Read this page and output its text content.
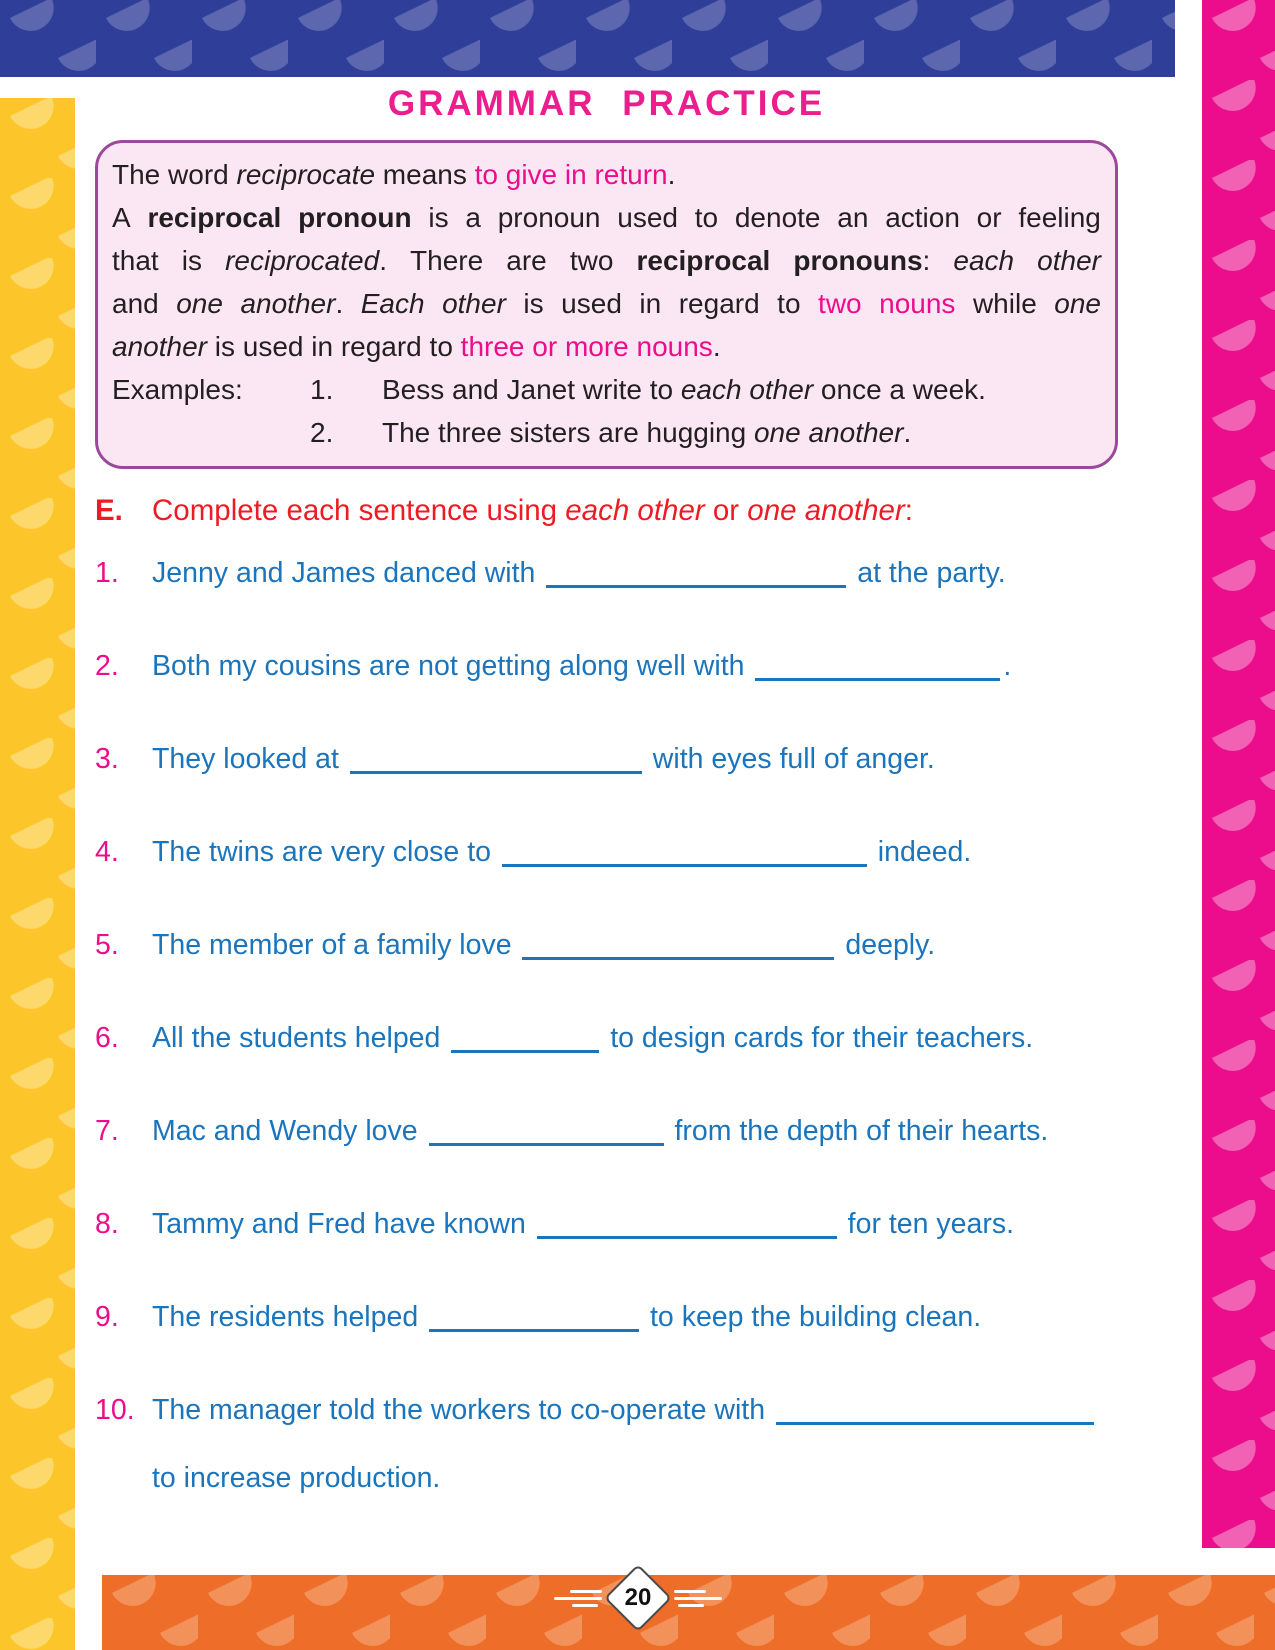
20
GRAMMAR PRACTICE
The word reciprocate means to give in return.
A reciprocal pronoun is a pronoun used to denote an action or feeling
that is reciprocated. There are two reciprocal pronouns: each other
and one another. Each other is used in regard to two nouns while one
another is used in regard to three or more nouns.
Examples:	1.	Bess and Janet write to each other once a week.
2.	The three sisters are hugging one another.
E. Complete each sentence using each other or one another:
1.	Jenny and James danced with	at the party.
2.	Both my cousins are not getting along well with	.
3.	They looked at	with eyes full of anger.
4.	The twins are very close to	indeed.
5.	The member of a family love	deeply.
6.	All the students helped	to design cards for their teachers.
7.	Mac and Wendy love	from the depth of their hearts.
8.	Tammy and Fred have known	for ten years.
9.	The residents helped	to keep the building clean.
10. The manager told the workers to co-operate with
to increase production.
